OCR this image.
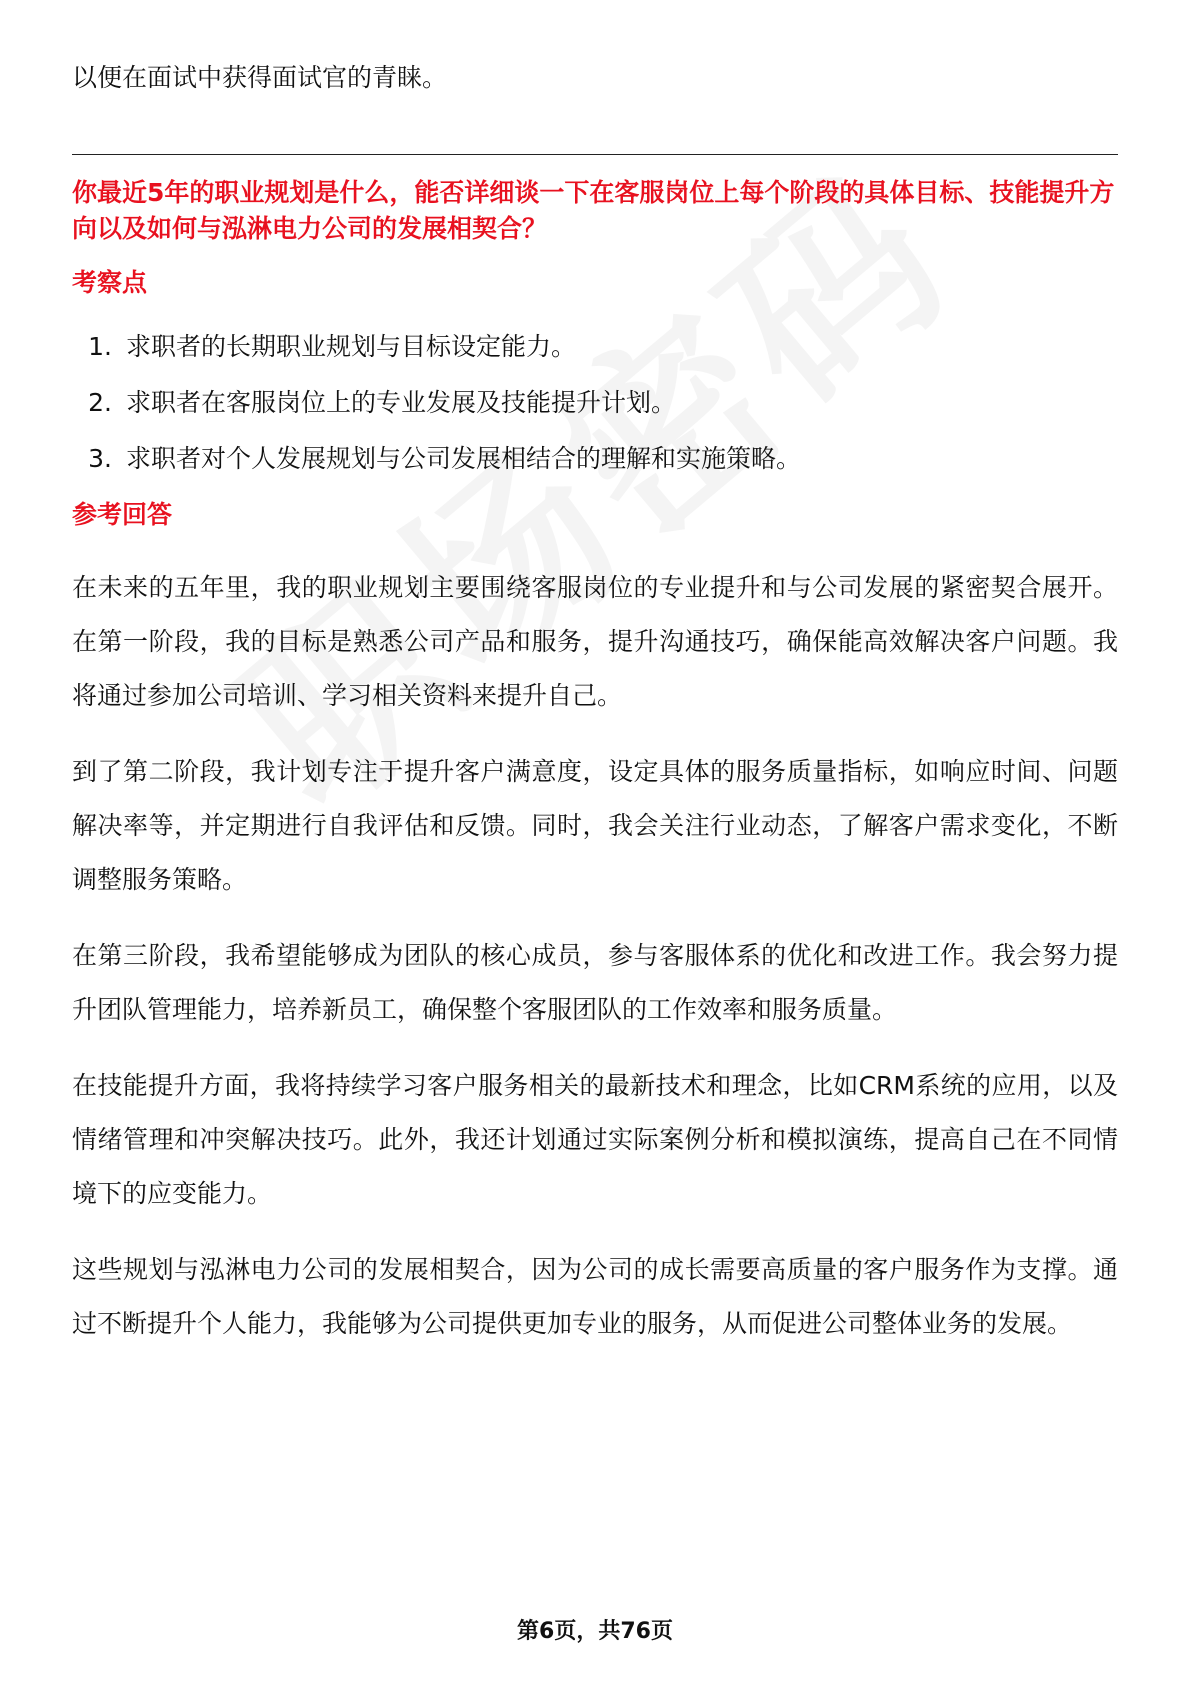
以便在面试中获得面试官的青睐。

你最近5年的职业规划是什么，能否详细谈一下在客服岗位上每个阶段的具体目标、技能提升方向以及如何与泓淋电力公司的发展相契合？

考察点
1. 求职者的长期职业规划与目标设定能力。
2. 求职者在客服岗位上的专业发展及技能提升计划。
3. 求职者对个人发展规划与公司发展相结合的理解和实施策略。
参考回答

在未来的五年里，我的职业规划主要围绕客服岗位的专业提升和与公司发展的紧密契合展开。在第一阶段，我的目标是熟悉公司产品和服务，提升沟通技巧，确保能高效解决客户问题。我将通过参加公司培训、学习相关资料来提升自己。

到了第二阶段，我计划专注于提升客户满意度，设定具体的服务质量指标，如响应时间、问题解决率等，并定期进行自我评估和反馈。同时，我会关注行业动态，了解客户需求变化，不断调整服务策略。

在第三阶段，我希望能够成为团队的核心成员，参与客服体系的优化和改进工作。我会努力提升团队管理能力，培养新员工，确保整个客服团队的工作效率和服务质量。

在技能提升方面，我将持续学习客户服务相关的最新技术和理念，比如CRM系统的应用，以及情绪管理和冲突解决技巧。此外，我还计划通过实际案例分析和模拟演练，提高自己在不同情境下的应变能力。

这些规划与泓淋电力公司的发展相契合，因为公司的成长需要高质量的客户服务作为支撑。通过不断提升个人能力，我能够为公司提供更加专业的服务，从而促进公司整体业务的发展。

第6页，共76页
